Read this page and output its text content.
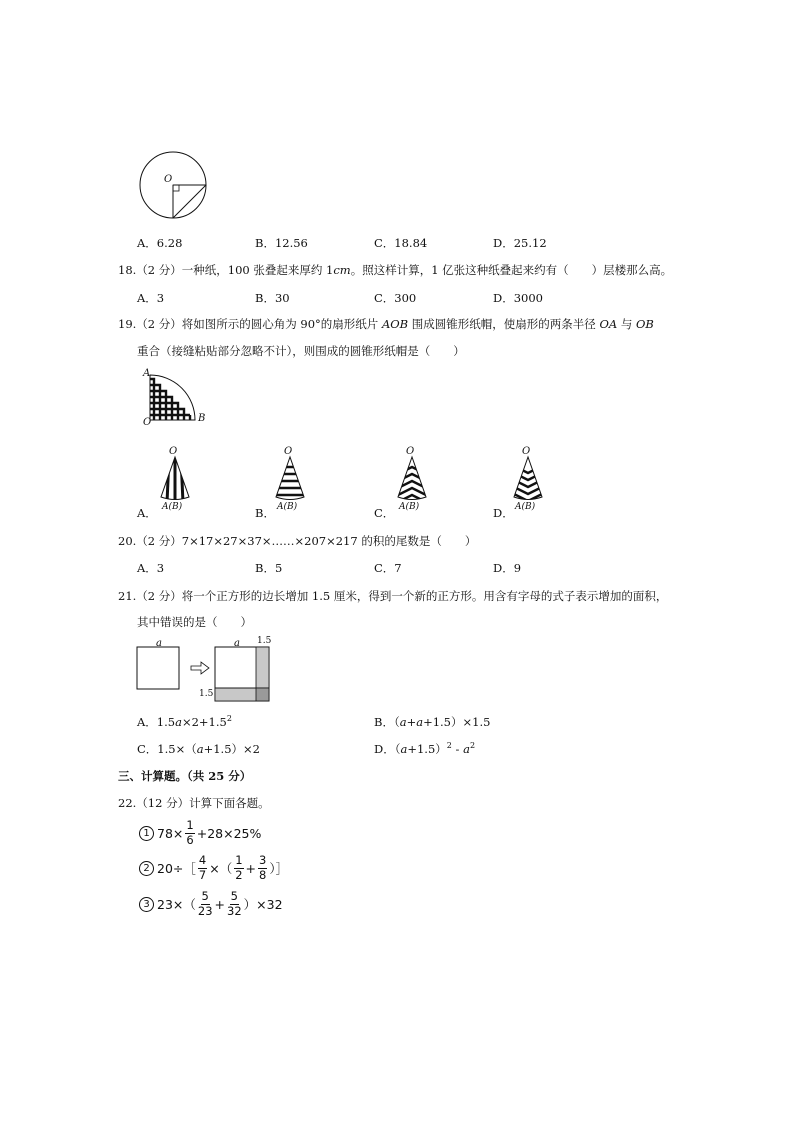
O
A．6.28	B．12.56	C．18.84	D．25.12
18.（2 分）一种纸，100 张叠起来厚约 1cm。照这样计算，1 亿张这种纸叠起来约有（　　）层楼那么高。
A．3	B．30	C．300	D．3000
19.（2 分）将如图所示的圆心角为 90°的扇形纸片 AOB 围成圆锥形纸帽，使扇形的两条半径 OA 与 OB
重合（接缝粘贴部分忽略不计），则围成的圆锥形纸帽是（　　）
A
O	B
O	O	O	O
A(B)	A(B)	A(B)	A(B)
A．	B．	C．	D．
20.（2 分）7×17×27×37×……×207×217 的积的尾数是（　　）
A．3	B．5	C．7	D．9
21.（2 分）将一个正方形的边长增加 1.5 厘米，得到一个新的正方形。用含有字母的式子表示增加的面积，
其中错误的是（　　）
a	a 1.5
1.5
A．$1.5a\times 2+1.5^2$	B．（a+a+1.5）×1.5
C．1.5×（a+1.5）×2	D．$(a+1.5)^2 - a^2$
三、计算题。（共 25 分）
22.（12 分）计算下面各题。
1 $78\times \frac{1}{6} +28\times 25\%$
2 20÷［ $\frac{4}{7}$ ×（ $\frac{1}{2} + \frac{3}{8}$ ）］
3 $23\times( \frac{5}{23} + \frac{5}{32} )\times 32$
